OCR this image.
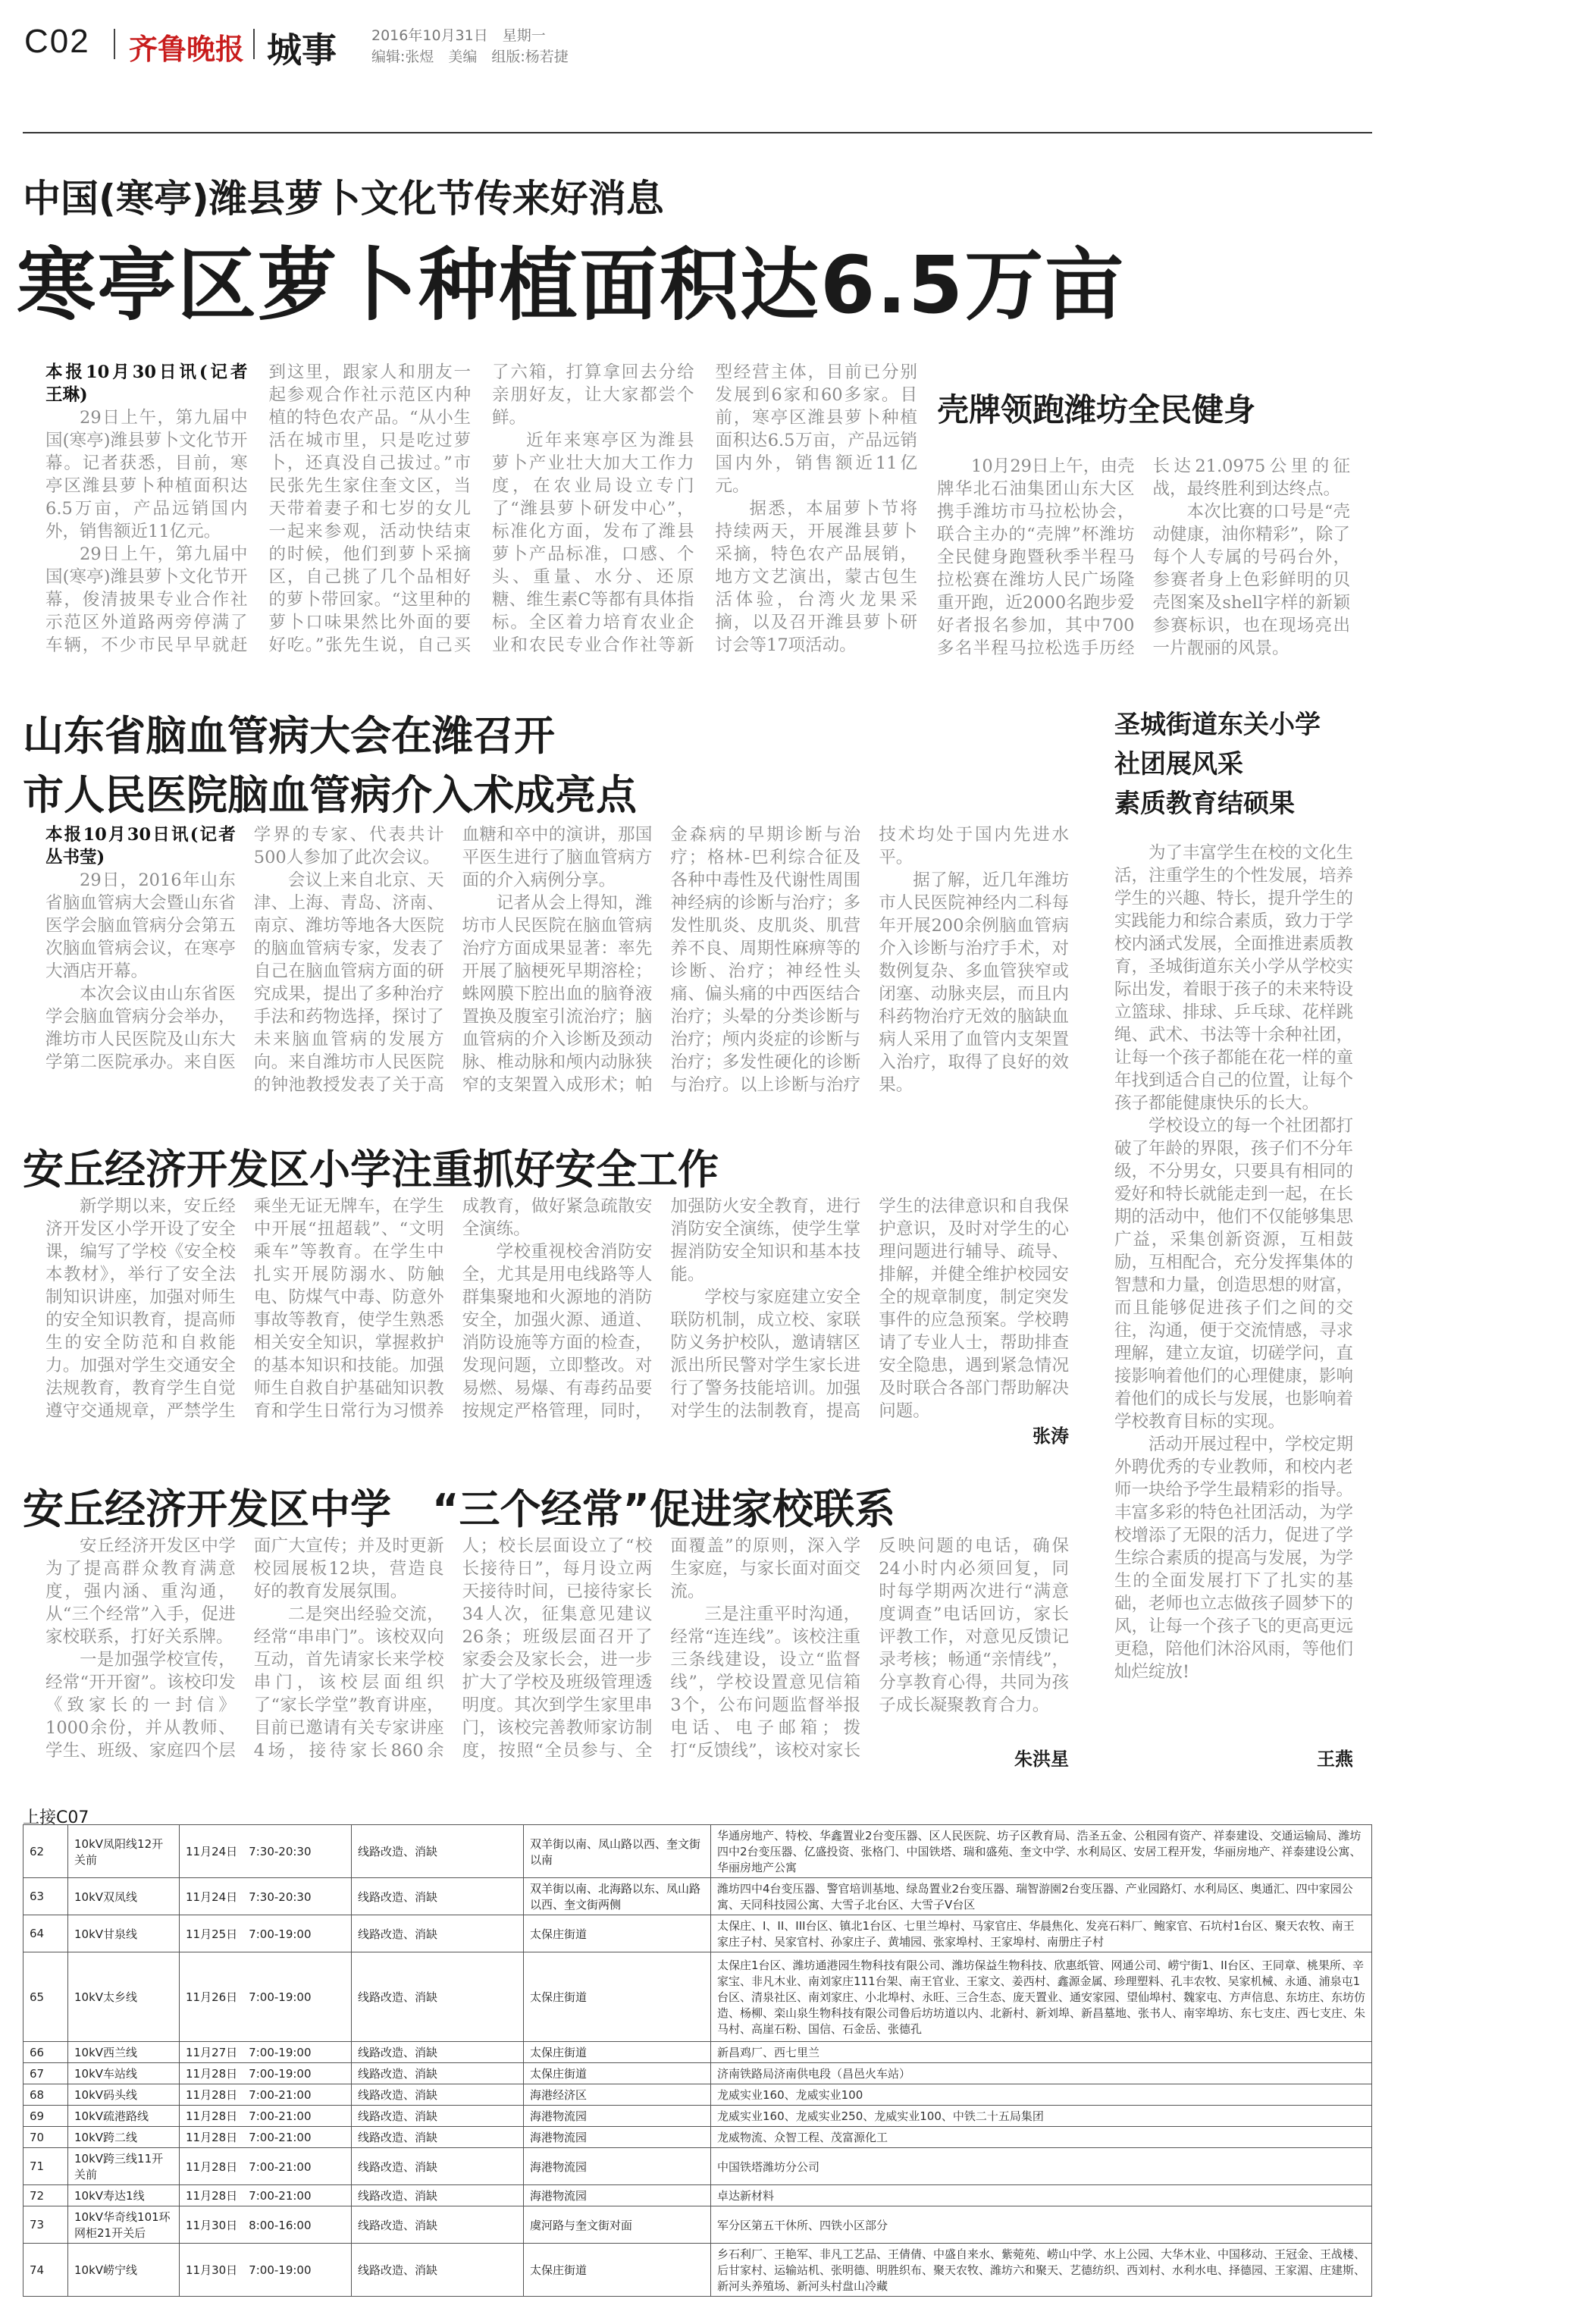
C02 齐鲁晚报 城事 2016年10月31日　星期一
编辑:张煜　美编　组版:杨若捷
中国(寒亭)潍县萝卜文化节传来好消息
寒亭区萝卜种植面积达6.5万亩

本报10月30日讯(记者　王琳)

29日上午，第九届中国(寒亭)潍县萝卜文化节开幕。记者获悉，目前，寒亭区潍县萝卜种植面积达6.5万亩，产品远销国内外，销售额近11亿元。

29日上午，第九届中国(寒亭)潍县萝卜文化节开幕，俊清披果专业合作社示范区外道路两旁停满了车辆，不少市民早早就赶到这里，跟家人和朋友一起参观合作社示范区内种植的特色农产品。“从小生活在城市里，只是吃过萝卜，还真没自己拔过。”市民张先生家住奎文区，当天带着妻子和七岁的女儿一起来参观，活动快结束的时候，他们到萝卜采摘区，自己挑了几个品相好的萝卜带回家。“这里种的萝卜口味果然比外面的要好吃。”张先生说，自己买了六箱，打算拿回去分给亲朋好友，让大家都尝个鲜。

近年来寒亭区为潍县萝卜产业壮大加大工作力度，在农业局设立专门了“潍县萝卜研发中心”，标准化方面，发布了潍县萝卜产品标准，口感、个头、重量、水分、还原糖、维生素C等都有具体指标。全区着力培育农业企业和农民专业合作社等新型经营主体，目前已分别发展到6家和60多家。目前，寒亭区潍县萝卜种植面积达6.5万亩，产品远销国内外，销售额近11亿元。

据悉，本届萝卜节将持续两天，开展潍县萝卜采摘，特色农产品展销，地方文艺演出，蒙古包生活体验，台湾火龙果采摘，以及召开潍县萝卜研讨会等17项活动。

壳牌领跑潍坊全民健身

10月29日上午，由壳牌华北石油集团山东大区携手潍坊市马拉松协会，联合主办的“壳牌”杯潍坊全民健身跑暨秋季半程马拉松赛在潍坊人民广场隆重开跑，近2000名跑步爱好者报名参加，其中700多名半程马拉松选手历经长达21.0975公里的征战，最终胜利到达终点。

本次比赛的口号是“壳动健康，油你精彩”，除了每个人专属的号码台外，参赛者身上色彩鲜明的贝壳图案及shell字样的新颖参赛标识，也在现场亮出一片靓丽的风景。

山东省脑血管病大会在潍召开
市人民医院脑血管病介入术成亮点

本报10月30日讯(记者　丛书莹)

29日，2016年山东省脑血管病大会暨山东省医学会脑血管病分会第五次脑血管病会议，在寒亭大酒店开幕。

本次会议由山东省医学会脑血管病分会举办，潍坊市人民医院及山东大学第二医院承办。来自医学界的专家、代表共计500人参加了此次会议。

会议上来自北京、天津、上海、青岛、济南、南京、潍坊等地各大医院的脑血管病专家，发表了自己在脑血管病方面的研究成果，提出了多种治疗手法和药物选择，探讨了未来脑血管病的发展方向。来自潍坊市人民医院的钟池教授发表了关于高血糖和卒中的演讲，那国平医生进行了脑血管病方面的介入病例分享。

记者从会上得知，潍坊市人民医院在脑血管病治疗方面成果显著：率先开展了脑梗死早期溶栓；蛛网膜下腔出血的脑脊液置换及腹室引流治疗；脑血管病的介入诊断及颈动脉、椎动脉和颅内动脉狭窄的支架置入成形术；帕金森病的早期诊断与治疗；格林-巴利综合征及各种中毒性及代谢性周围神经病的诊断与治疗；多发性肌炎、皮肌炎、肌营养不良、周期性麻痹等的诊断、治疗；神经性头痛、偏头痛的中西医结合治疗；头晕的分类诊断与治疗；颅内炎症的诊断与治疗；多发性硬化的诊断与治疗。以上诊断与治疗技术均处于国内先进水平。

据了解，近几年潍坊市人民医院神经内二科每年开展200余例脑血管病介入诊断与治疗手术，对数例复杂、多血管狭窄或闭塞、动脉夹层，而且内科药物治疗无效的脑缺血病人采用了血管内支架置入治疗，取得了良好的效果。

安丘经济开发区小学注重抓好安全工作

新学期以来，安丘经济开发区小学开设了安全课，编写了学校《安全校本教材》，举行了安全法制知识讲座，加强对师生的安全知识教育，提高师生的安全防范和自救能力。加强对学生交通安全法规教育，教育学生自觉遵守交通规章，严禁学生乘坐无证无牌车，在学生中开展“扭超载”、“文明乘车”等教育。在学生中扎实开展防溺水、防触电、防煤气中毒、防意外事故等教育，使学生熟悉相关安全知识，掌握救护的基本知识和技能。加强师生自救自护基础知识教育和学生日常行为习惯养成教育，做好紧急疏散安全演练。

学校重视校舍消防安全，尤其是用电线路等人群集聚地和火源地的消防安全，加强火源、通道、消防设施等方面的检查，发现问题，立即整改。对易燃、易爆、有毒药品要按规定严格管理，同时，加强防火安全教育，进行消防安全演练，使学生掌握消防安全知识和基本技能。

学校与家庭建立安全联防机制，成立校、家联防义务护校队，邀请辖区派出所民警对学生家长进行了警务技能培训。加强对学生的法制教育，提高学生的法律意识和自我保护意识，及时对学生的心理问题进行辅导、疏导、排解，并健全维护校园安全的规章制度，制定突发事件的应急预案。学校聘请了专业人士，帮助排查安全隐患，遇到紧急情况及时联合各部门帮助解决问题。

张涛
安丘经济开发区中学　“三个经常”促进家校联系

安丘经济开发区中学为了提高群众教育满意度，强内涵、重沟通，从“三个经常”入手，促进家校联系，打好关系牌。

一是加强学校宣传，经常“开开窗”。该校印发《致家长的一封信》1000余份，并从教师、学生、班级、家庭四个层面广大宣传；并及时更新校园展板12块，营造良好的教育发展氛围。

二是突出经验交流，经常“串串门”。该校双向互动，首先请家长来学校串门，该校层面组织了“家长学堂”教育讲座，目前已邀请有关专家讲座4场，接待家长860余人；校长层面设立了“校长接待日”，每月设立两天接待时间，已接待家长34人次，征集意见建议26条；班级层面召开了家委会及家长会，进一步扩大了学校及班级管理透明度。其次到学生家里串门，该校完善教师家访制度，按照“全员参与、全面覆盖”的原则，深入学生家庭，与家长面对面交流。

三是注重平时沟通，经常“连连线”。该校注重三条线建设，设立“监督线”，学校设置意见信箱3个，公布问题监督举报电话、电子邮箱；拨打“反馈线”，该校对家长反映问题的电话，确保24小时内必须回复，同时每学期两次进行“满意度调查”电话回访，家长评教工作，对意见反馈记录考核；畅通“亲情线”，分享教育心得，共同为孩子成长凝聚教育合力。

朱洪星
圣城街道东关小学
社团展风采
素质教育结硕果

为了丰富学生在校的文化生活，注重学生的个性发展，培养学生的兴趣、特长，提升学生的实践能力和综合素质，致力于学校内涵式发展，全面推进素质教育，圣城街道东关小学从学校实际出发，着眼于孩子的未来特设立篮球、排球、乒乓球、花样跳绳、武术、书法等十余种社团，让每一个孩子都能在花一样的童年找到适合自己的位置，让每个孩子都能健康快乐的长大。

学校设立的每一个社团都打破了年龄的界限，孩子们不分年级，不分男女，只要具有相同的爱好和特长就能走到一起，在长期的活动中，他们不仅能够集思广益，采集创新资源，互相鼓励，互相配合，充分发挥集体的智慧和力量，创造思想的财富，而且能够促进孩子们之间的交往，沟通，便于交流情感，寻求理解，建立友谊，切磋学问，直接影响着他们的心理健康，影响着他们的成长与发展，也影响着学校教育目标的实现。

活动开展过程中，学校定期外聘优秀的专业教师，和校内老师一块给予学生最精彩的指导。丰富多彩的特色社团活动，为学校增添了无限的活力，促进了学生综合素质的提高与发展，为学生的全面发展打下了扎实的基础，老师也立志做孩子圆梦下的风，让每一个孩子飞的更高更远更稳，陪他们沐浴风雨，等他们灿烂绽放!

王燕
上接C07
62	10kV凤阳线12开关前	11月24日　7:30-20:30	线路改造、消缺	双羊街以南、凤山路以西、奎文街以南	华通房地产、特校、华鑫置业2台变压器、区人民医院、坊子区教育局、浩圣五金、公租园有资产、祥泰建设、交通运输局、潍坊四中2台变压器、亿盛投资、张格门、中国铁塔、瑞和盛苑、奎文中学、水利局区、安居工程开发，华丽房地产、祥泰建设公寓、华丽房地产公寓
63	10kV双凤线	11月24日　7:30-20:30	线路改造、消缺	双羊街以南、北海路以东、凤山路以西、奎文街两侧	潍坊四中4台变压器、警官培训基地、绿岛置业2台变压器、瑞智游園2台变压器、产业园路灯、水利局区、奥通汇、四中家园公寓、天同科技园公寓、大雪子北台区、大雪子V台区
64	10kV甘泉线	11月25日　7:00-19:00	线路改造、消缺	太保庄街道	太保庄、I、II、III台区、镇北1台区、七里兰埠村、马家官庄、华晨焦化、发亮石料厂、鲍家官、石坑村1台区、聚天农牧、南王家庄子村、吴家官村、孙家庄子、黄埔园、张家埠村、王家埠村、南册庄子村
65	10kV太乡线	11月26日　7:00-19:00	线路改造、消缺	太保庄街道	太保庄1台区、潍坊通港园生物科技有限公司、潍坊保益生物科技、欣惠纸管、网通公司、崂宁街1、II台区、王同章、桃果所、辛家宝、非凡木业、南刘家庄111台架、南王官业、王家文、姜西村、鑫源金属、珍理塑料、孔丰农牧、吴家机械、永通、浦泉屯1台区、清泉社区、南刘家庄、小北埠村、永旺、三合生态、庞天置业、通安家园、望仙埠村、魏家屯、方声信息、东坊庄、东坊仿造、杨柳、栾山泉生物科技有限公司鲁后坊坊道以内、北新村、新刘埠、新昌墓地、张书人、南宰埠坊、东七支庄、西七支庄、朱马村、高崖石粉、国信、石金岳、张德孔
66	10kV西兰线	11月27日　7:00-19:00	线路改造、消缺	太保庄街道	新昌鸡厂、西七里兰
67	10kV车站线	11月28日　7:00-19:00	线路改造、消缺	太保庄街道	济南铁路局济南供电段（昌邑火车站）
68	10kV码头线	11月28日　7:00-21:00	线路改造、消缺	海港经济区	龙威实业160、龙威实业100
69	10kV疏港路线	11月28日　7:00-21:00	线路改造、消缺	海港物流园	龙威实业160、龙威实业250、龙威实业100、中铁二十五局集团
70	10kV跨二线	11月28日　7:00-21:00	线路改造、消缺	海港物流园	龙威物流、众智工程、茂富源化工
71	10kV跨三线11开关前	11月28日　7:00-21:00	线路改造、消缺	海港物流园	中国铁塔潍坊分公司
72	10kV寿达1线	11月28日　7:00-21:00	线路改造、消缺	海港物流园	卓达新材料
73	10kV华奇线101环网柜21开关后	11月30日　8:00-16:00	线路改造、消缺	虞河路与奎文街对面	军分区第五干休所、四铁小区部分
74	10kV崂宁线	11月30日　7:00-19:00	线路改造、消缺	太保庄街道	乡石利厂、王艳军、非凡工艺品、王倩倩、中盛自来水、紫菀苑、崂山中学、水上公园、大华木业、中国移动、王冠金、王战楼、后甘家村、运输站机、张明德、明胜织布、聚天农牧、潍坊六和聚天、艺德纺织、西刘村、水利水电、择德园、王家湄、庄建斯、新河头养殖场、新河头村盘山冷藏
